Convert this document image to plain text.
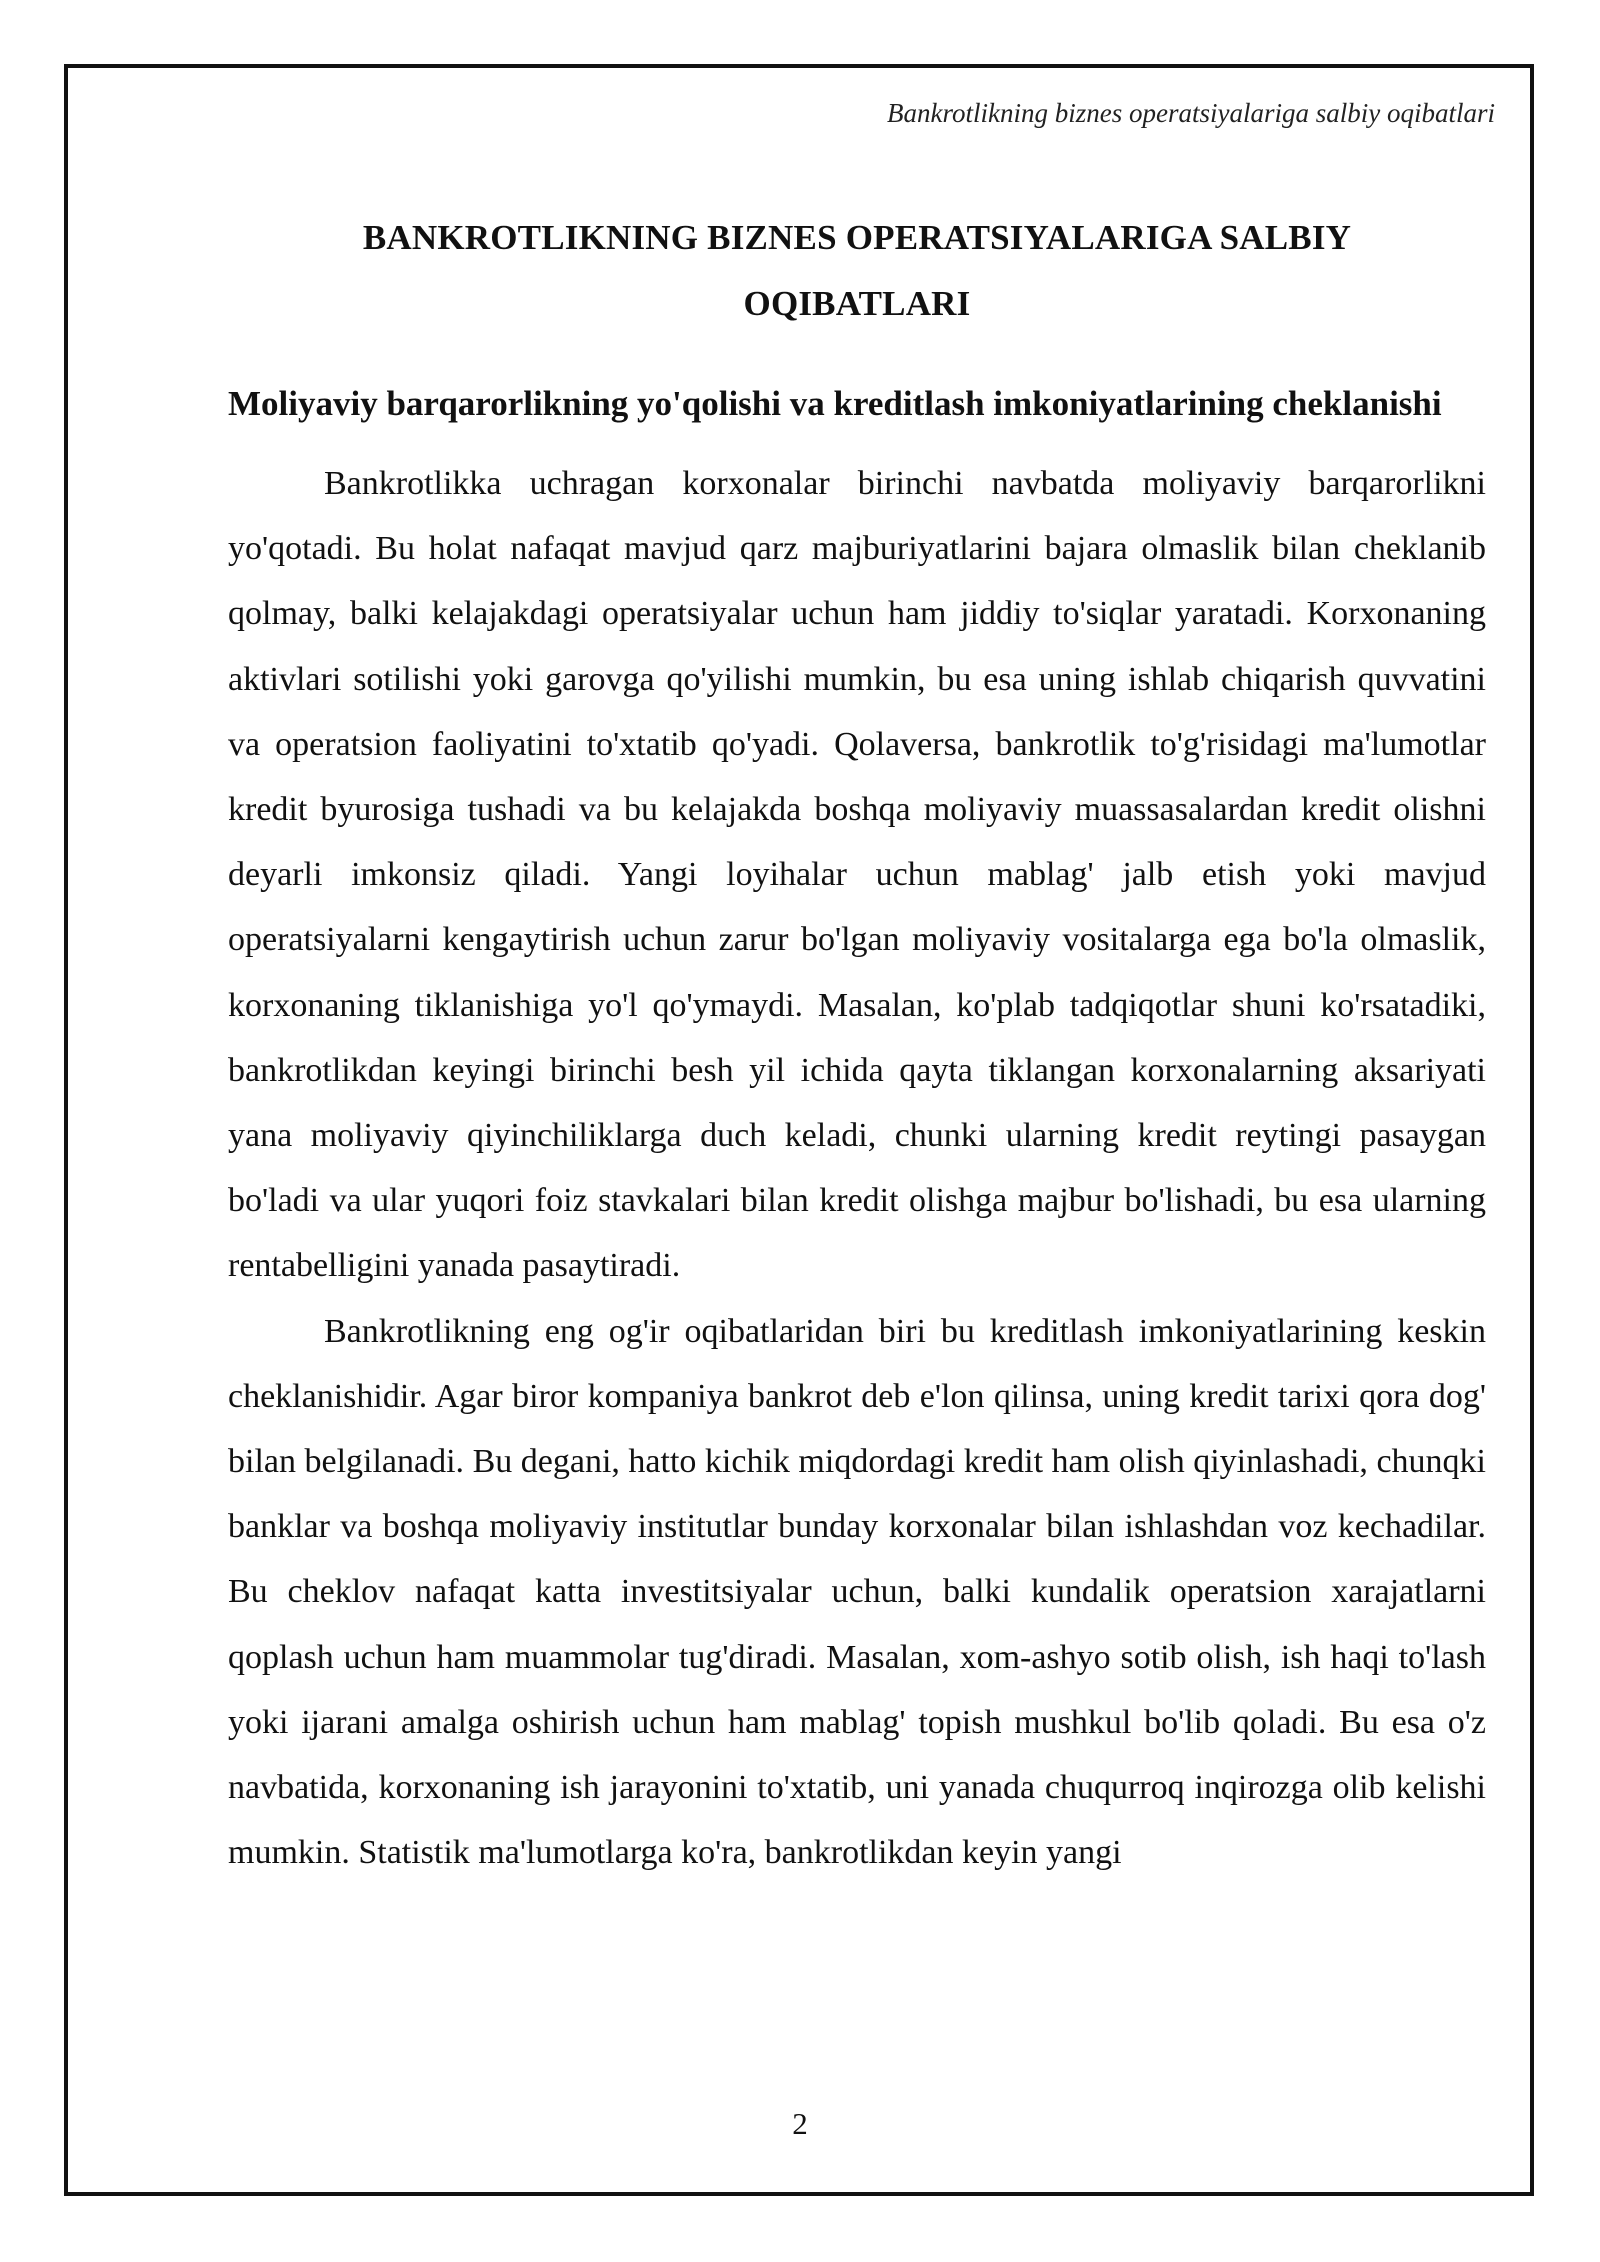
Bankrotlikning biznes operatsiyalariga salbiy oqibatlari
BANKROTLIKNING BIZNES OPERATSIYALARIGA SALBIY
OQIBATLARI
Moliyaviy barqarorlikning yo'qolishi va kreditlash imkoniyatlarining cheklanishi

Bankrotlikka uchragan korxonalar birinchi navbatda moliyaviy barqarorlikni yo'qotadi. Bu holat nafaqat mavjud qarz majburiyatlarini bajara olmaslik bilan cheklanib qolmay, balki kelajakdagi operatsiyalar uchun ham jiddiy to'siqlar yaratadi. Korxonaning aktivlari sotilishi yoki garovga qo'yilishi mumkin, bu esa uning ishlab chiqarish quvvatini va operatsion faoliyatini to'xtatib qo'yadi. Qolaversa, bankrotlik to'g'risidagi ma'lumotlar kredit byurosiga tushadi va bu kelajakda boshqa moliyaviy muassasalardan kredit olishni deyarli imkonsiz qiladi. Yangi loyihalar uchun mablag' jalb etish yoki mavjud operatsiyalarni kengaytirish uchun zarur bo'lgan moliyaviy vositalarga ega bo'la olmaslik, korxonaning tiklanishiga yo'l qo'ymaydi. Masalan, ko'plab tadqiqotlar shuni ko'rsatadiki, bankrotlikdan keyingi birinchi besh yil ichida qayta tiklangan korxonalarning aksariyati yana moliyaviy qiyinchiliklarga duch keladi, chunki ularning kredit reytingi pasaygan bo'ladi va ular yuqori foiz stavkalari bilan kredit olishga majbur bo'lishadi, bu esa ularning rentabelligini yanada pasaytiradi.

Bankrotlikning eng og'ir oqibatlaridan biri bu kreditlash imkoniyatlarining keskin cheklanishidir. Agar biror kompaniya bankrot deb e'lon qilinsa, uning kredit tarixi qora dog' bilan belgilanadi. Bu degani, hatto kichik miqdordagi kredit ham olish qiyinlashadi, chunqki banklar va boshqa moliyaviy institutlar bunday korxonalar bilan ishlashdan voz kechadilar. Bu cheklov nafaqat katta investitsiyalar uchun, balki kundalik operatsion xarajatlarni qoplash uchun ham muammolar tug'diradi. Masalan, xom-ashyo sotib olish, ish haqi to'lash yoki ijarani amalga oshirish uchun ham mablag' topish mushkul bo'lib qoladi. Bu esa o'z navbatida, korxonaning ish jarayonini to'xtatib, uni yanada chuqurroq inqirozga olib kelishi mumkin. Statistik ma'lumotlarga ko'ra, bankrotlikdan keyin yangi

2
